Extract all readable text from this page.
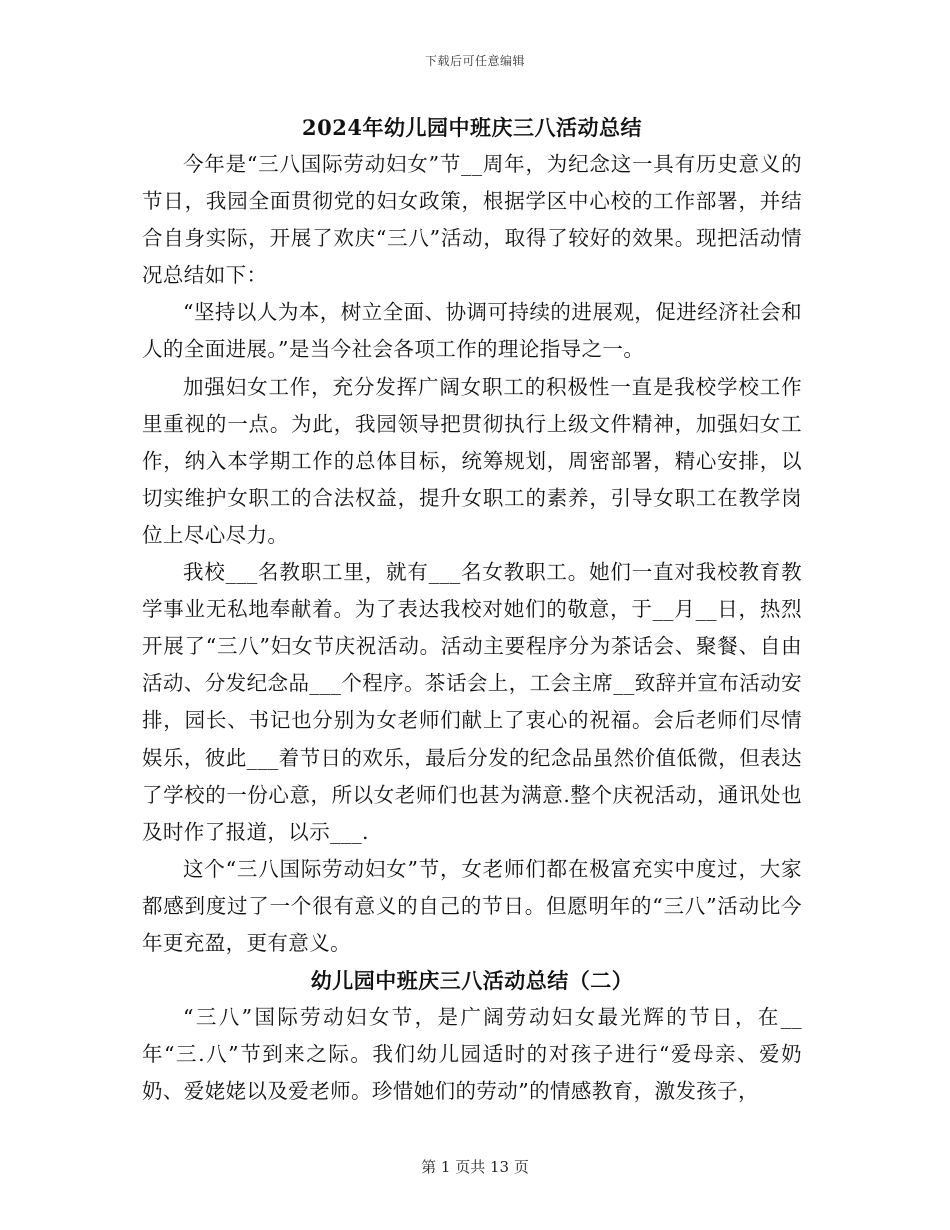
下载后可任意编辑
2024年幼儿园中班庆三八活动总结

今年是“三八国际劳动妇女”节__周年，为纪念这一具有历史意义的节日，我园全面贯彻党的妇女政策，根据学区中心校的工作部署，并结合自身实际，开展了欢庆“三八”活动，取得了较好的效果。现把活动情况总结如下：

“坚持以人为本，树立全面、协调可持续的进展观，促进经济社会和人的全面进展。”是当今社会各项工作的理论指导之一。

加强妇女工作，充分发挥广阔女职工的积极性一直是我校学校工作里重视的一点。为此，我园领导把贯彻执行上级文件精神，加强妇女工作，纳入本学期工作的总体目标，统筹规划，周密部署，精心安排，以切实维护女职工的合法权益，提升女职工的素养，引导女职工在教学岗位上尽心尽力。

我校___名教职工里，就有___名女教职工。她们一直对我校教育教学事业无私地奉献着。为了表达我校对她们的敬意，于__月__日，热烈开展了“三八”妇女节庆祝活动。活动主要程序分为茶话会、聚餐、自由活动、分发纪念品___个程序。茶话会上，工会主席__致辞并宣布活动安排，园长、书记也分别为女老师们献上了衷心的祝福。会后老师们尽情娱乐，彼此___着节日的欢乐，最后分发的纪念品虽然价值低微，但表达了学校的一份心意，所以女老师们也甚为满意.整个庆祝活动，通讯处也及时作了报道，以示___.

这个“三八国际劳动妇女”节，女老师们都在极富充实中度过，大家都感到度过了一个很有意义的自己的节日。但愿明年的“三八”活动比今年更充盈，更有意义。

幼儿园中班庆三八活动总结（二）

“三八”国际劳动妇女节，是广阔劳动妇女最光辉的节日，在__年“三.八”节到来之际。我们幼儿园适时的对孩子进行“爱母亲、爱奶奶、爱姥姥以及爱老师。珍惜她们的劳动”的情感教育，激发孩子，

第 1 页共 13 页
